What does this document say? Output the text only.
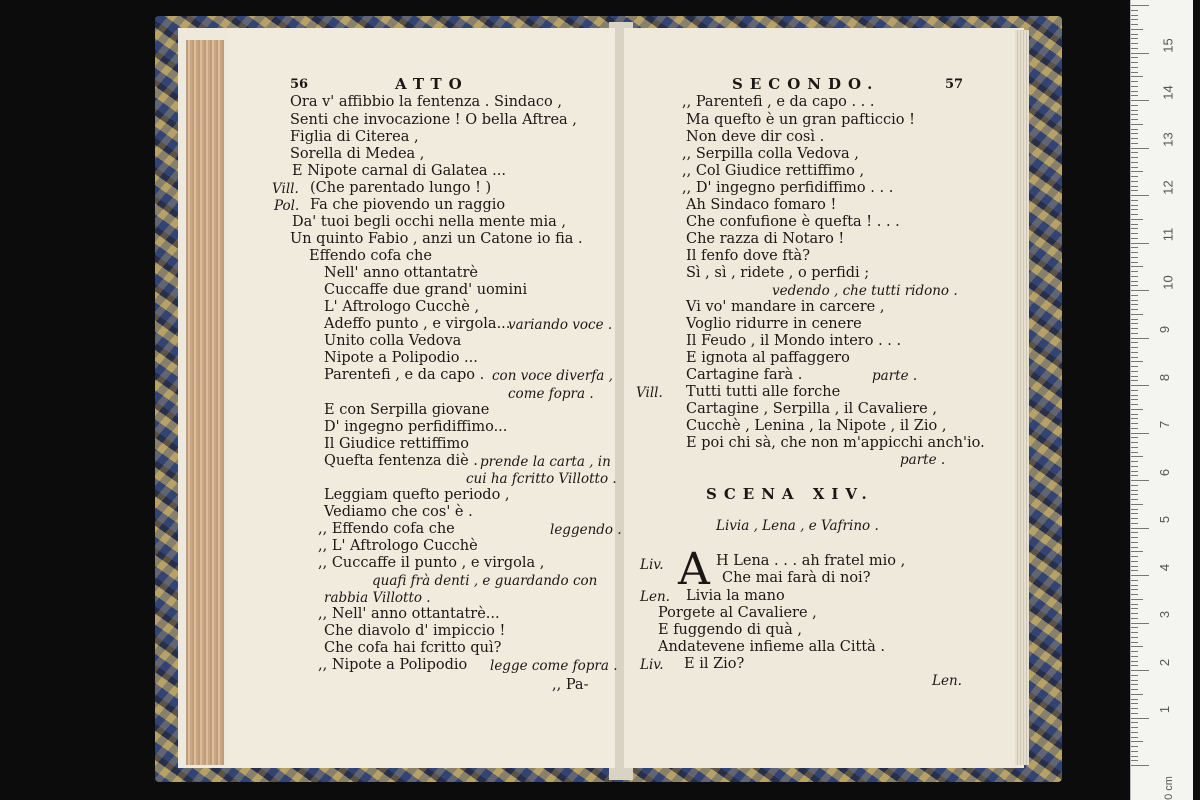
56	ATTO
Ora v' affibbio la fentenza . Sindaco ,
Senti che invocazione ! O bella Aftrea ,
Figlia di Citerea ,
Sorella di Medea ,
E Nipote carnal di Galatea ...
Vill. (Che parentado lungo ! )
Pol. Fa che piovendo un raggio
Da' tuoi begli occhi nella mente mia ,
Un quinto Fabio , anzi un Catone io fia .
Effendo cofa che
Nell' anno ottantatrè
Cuccaffe due grand' uomini
L' Aftrologo Cucchè ,
Adeffo punto , e virgola...
variando voce .
Unito colla Vedova
Nipote a Polipodio ...
Parentefi , e da capo . con voce diverfa ,
come fopra .
E con Serpilla giovane
D' ingegno perfidiffimo...
Il Giudice rettiffimo
Quefta fentenza diè . prende la carta , in
cui ha fcritto Villotto .
Leggiam quefto periodo ,
Vediamo che cos' è .
,, Effendo cofa che	leggendo .
,, L' Aftrologo Cucchè
,, Cuccaffe il punto , e virgola ,
quafi frà denti , e guardando con
rabbia Villotto .
,, Nell' anno ottantatrè...
Che diavolo d' impiccio !
Che cofa hai fcritto quì?
,, Nipote a Polipodio legge come fopra .
,, Pa-
SECONDO.	57
,, Parentefi , e da capo . . .
Ma quefto è un gran pafticcio !
Non deve dir così .
,, Serpilla colla Vedova ,
,, Col Giudice rettiffimo ,
,, D' ingegno perfidiffimo . . .
Ah Sindaco fomaro !
Che confufione è quefta ! . . .
Che razza di Notaro !
Il fenfo dove ftà?
Sì , sì , ridete , o perfidi ;
vedendo , che tutti ridono .
Vi vo' mandare in carcere ,
Voglio ridurre in cenere
Il Feudo , il Mondo intero . . .
E ignota al paffaggero
Cartagine farà .	parte .
Vill. Tutti tutti alle forche
Cartagine , Serpilla , il Cavaliere ,
Cucchè , Lenina , la Nipote , il Zio ,
E poi chi sà, che non m'appicchi anch'io.
parte .
SCENA XIV.
Livia , Lena , e Vafrino .
Liv. A H Lena . . . ah fratel mio ,
Che mai farà di noi?
Len. Livia la mano
Porgete al Cavaliere ,
E fuggendo di quà ,
Andatevene infieme alla Città .
Liv. E il Zio?
Len.
15
14
13
12
11
10
9
8
7
6
5
4
3
2
1
0 cm
